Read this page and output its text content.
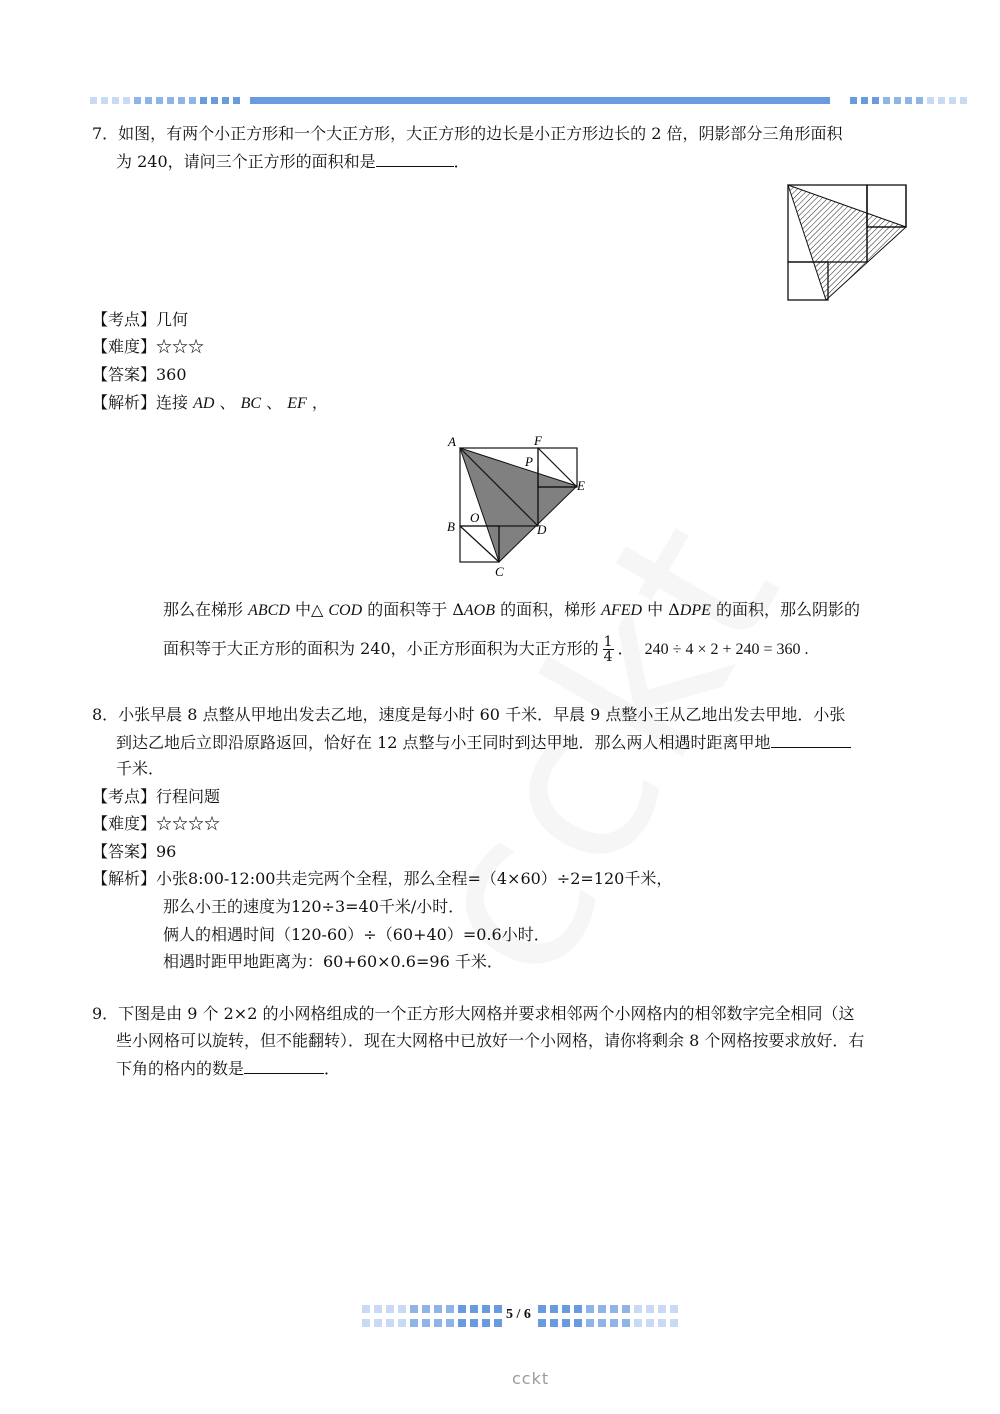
7．如图，有两个小正方形和一个大正方形，大正方形的边长是小正方形边长的 2 倍，阴影部分三角形面积
为 240，请问三个正方形的面积和是	．
【考点】几何
【难度】☆☆☆
【答案】360
【解析】连接 AD 、 BC 、 EF ，
A	F
P
E
O
B	D
C
那么在梯形 ABCD 中△ COD 的面积等于 ΔAOB 的面积，梯形 AFED 中 ΔDPE 的面积，那么阴影的
面积等于大正方形的面积为 240，小正方形面积为大正方形的 $\frac{1}{4}$ ． 240 ÷ 4 × 2 + 240 = 360 .
8．小张早晨 8 点整从甲地出发去乙地，速度是每小时 60 千米．早晨 9 点整小王从乙地出发去甲地．小张
到达乙地后立即沿原路返回，恰好在 12 点整与小王同时到达甲地．那么两人相遇时距离甲地
千米．
【考点】行程问题
【难度】☆☆☆☆
【答案】96
【解析】小张8:00-12:00共走完两个全程，那么全程=（4×60）÷2=120千米，
那么小王的速度为120÷3=40千米/小时．
俩人的相遇时间（120-60）÷（60+40）=0.6小时．
相遇时距甲地距离为：60+60×0.6=96 千米．
9．下图是由 9 个 2×2 的小网格组成的一个正方形大网格并要求相邻两个小网格内的相邻数字完全相同（这
些小网格可以旋转，但不能翻转）．现在大网格中已放好一个小网格，请你将剩余 8 个网格按要求放好．右
下角的格内的数是	．
5 / 6
cckt
